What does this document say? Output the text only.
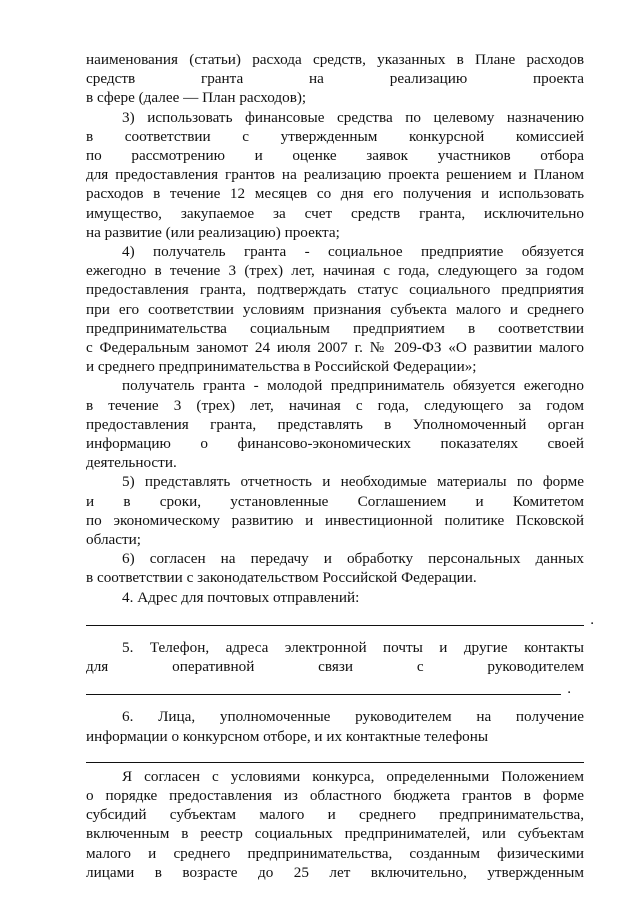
наименования (статьи) расхода средств, указанных в Плане расходов
средств гранта на реализацию проекта
в сфере (далее — План расходов);
3) использовать финансовые средства по целевому назначению
в соответствии с утвержденным конкурсной комиссией
по рассмотрению и оценке заявок участников отбора
для предоставления грантов на реализацию проекта решением и Планом
расходов в течение 12 месяцев со дня его получения и использовать
имущество, закупаемое за счет средств гранта, исключительно
на развитие (или реализацию) проекта;
4) получатель гранта - социальное предприятие обязуется
ежегодно в течение 3 (трех) лет, начиная с года, следующего за годом
предоставления гранта, подтверждать статус социального предприятия
при его соответствии условиям признания субъекта малого и среднего
предпринимательства социальным предприятием в соответствии
с Федеральным заномот 24 июля 2007 г. № 209-ФЗ «О развитии малого
и среднего предпринимательства в Российской Федерации»;
получатель гранта - молодой предприниматель обязуется ежегодно
в течение 3 (трех) лет, начиная с года, следующего за годом
предоставления гранта, представлять в Уполномоченный орган
информацию о финансово-экономических показателях своей
деятельности.
5) представлять отчетность и необходимые материалы по форме
и в сроки, установленные Соглашением и Комитетом
по экономическому развитию и инвестиционной политике Псковской
области;
6) согласен на передачу и обработку персональных данных
в соответствии с законодательством Российской Федерации.
4. Адрес для почтовых отправлений:
.
5. Телефон, адреса электронной почты и другие контакты
для оперативной связи с руководителем
.
6. Лица, уполномоченные руководителем на получение
информации о конкурсном отборе, и их контактные телефоны
Я согласен с условиями конкурса, определенными Положением
о порядке предоставления из областного бюджета грантов в форме
субсидий субъектам малого и среднего предпринимательства,
включенным в реестр социальных предпринимателей, или субъектам
малого и среднего предпринимательства, созданным физическими
лицами в возрасте до 25 лет включительно, утвержденным
